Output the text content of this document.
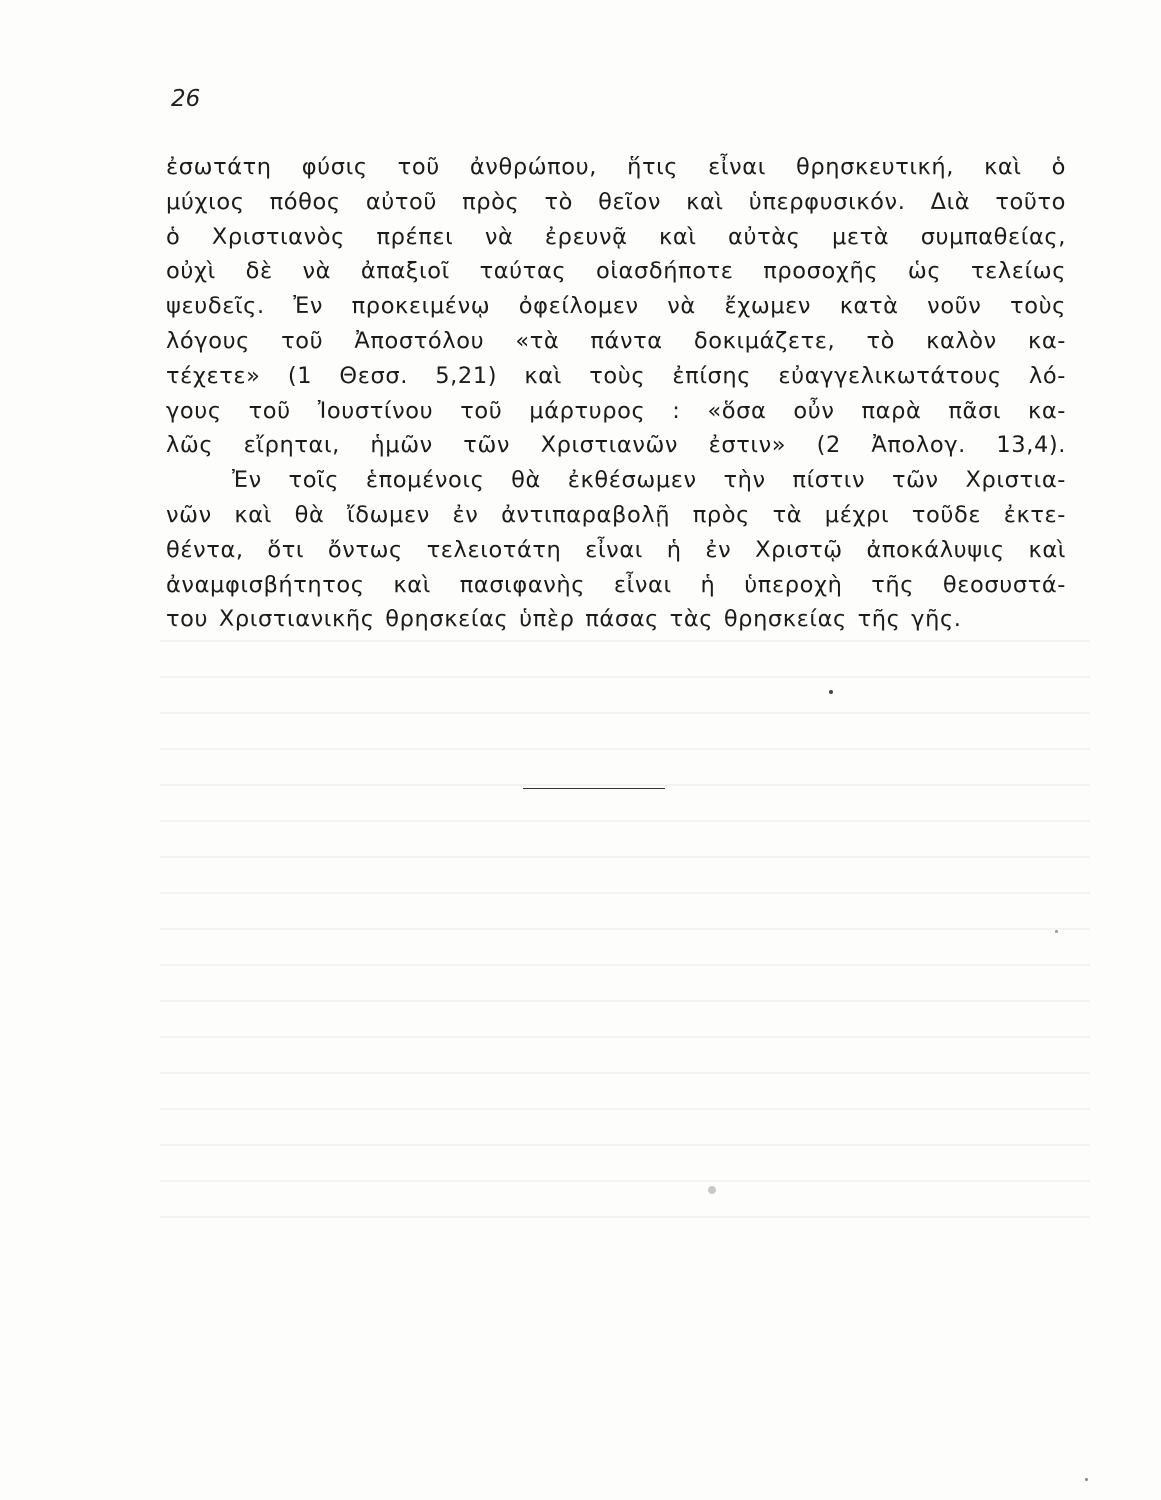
26
ἐσωτάτη φύσις τοῦ ἀνθρώπου, ἥτις εἶναι θρησκευτική, καὶ ὁ
μύχιος πόθος αὐτοῦ πρὸς τὸ θεῖον καὶ ὑπερφυσικόν. Διὰ τοῦτο
ὁ Χριστιανὸς πρέπει νὰ ἐρευνᾷ καὶ αὐτὰς μετὰ συμπαθείας,
οὐχὶ δὲ νὰ ἀπαξιοῖ ταύτας οἱασδήποτε προσοχῆς ὡς τελείως
ψευδεῖς. Ἐν προκειμένῳ ὀφείλομεν νὰ ἔχωμεν κατὰ νοῦν τοὺς
λόγους τοῦ Ἀποστόλου «τὰ πάντα δοκιμάζετε, τὸ καλὸν κα-
τέχετε» (1 Θεσσ. 5,21) καὶ τοὺς ἐπίσης εὐαγγελικωτάτους λό-
γους τοῦ Ἰουστίνου τοῦ μάρτυρος : «ὅσα οὖν παρὰ πᾶσι κα-
λῶς εἴρηται, ἡμῶν τῶν Χριστιανῶν ἐστιν» (2 Ἀπολογ. 13,4).
Ἐν τοῖς ἑπομένοις θὰ ἐκθέσωμεν τὴν πίστιν τῶν Χριστια-
νῶν καὶ θὰ ἴδωμεν ἐν ἀντιπαραβολῇ πρὸς τὰ μέχρι τοῦδε ἐκτε-
θέντα, ὅτι ὄντως τελειοτάτη εἶναι ἡ ἐν Χριστῷ ἀποκάλυψις καὶ
ἀναμφισβήτητος καὶ πασιφανὴς εἶναι ἡ ὑπεροχὴ τῆς θεοσυστά-
του Χριστιανικῆς θρησκείας ὑπὲρ πάσας τὰς θρησκείας τῆς γῆς.
